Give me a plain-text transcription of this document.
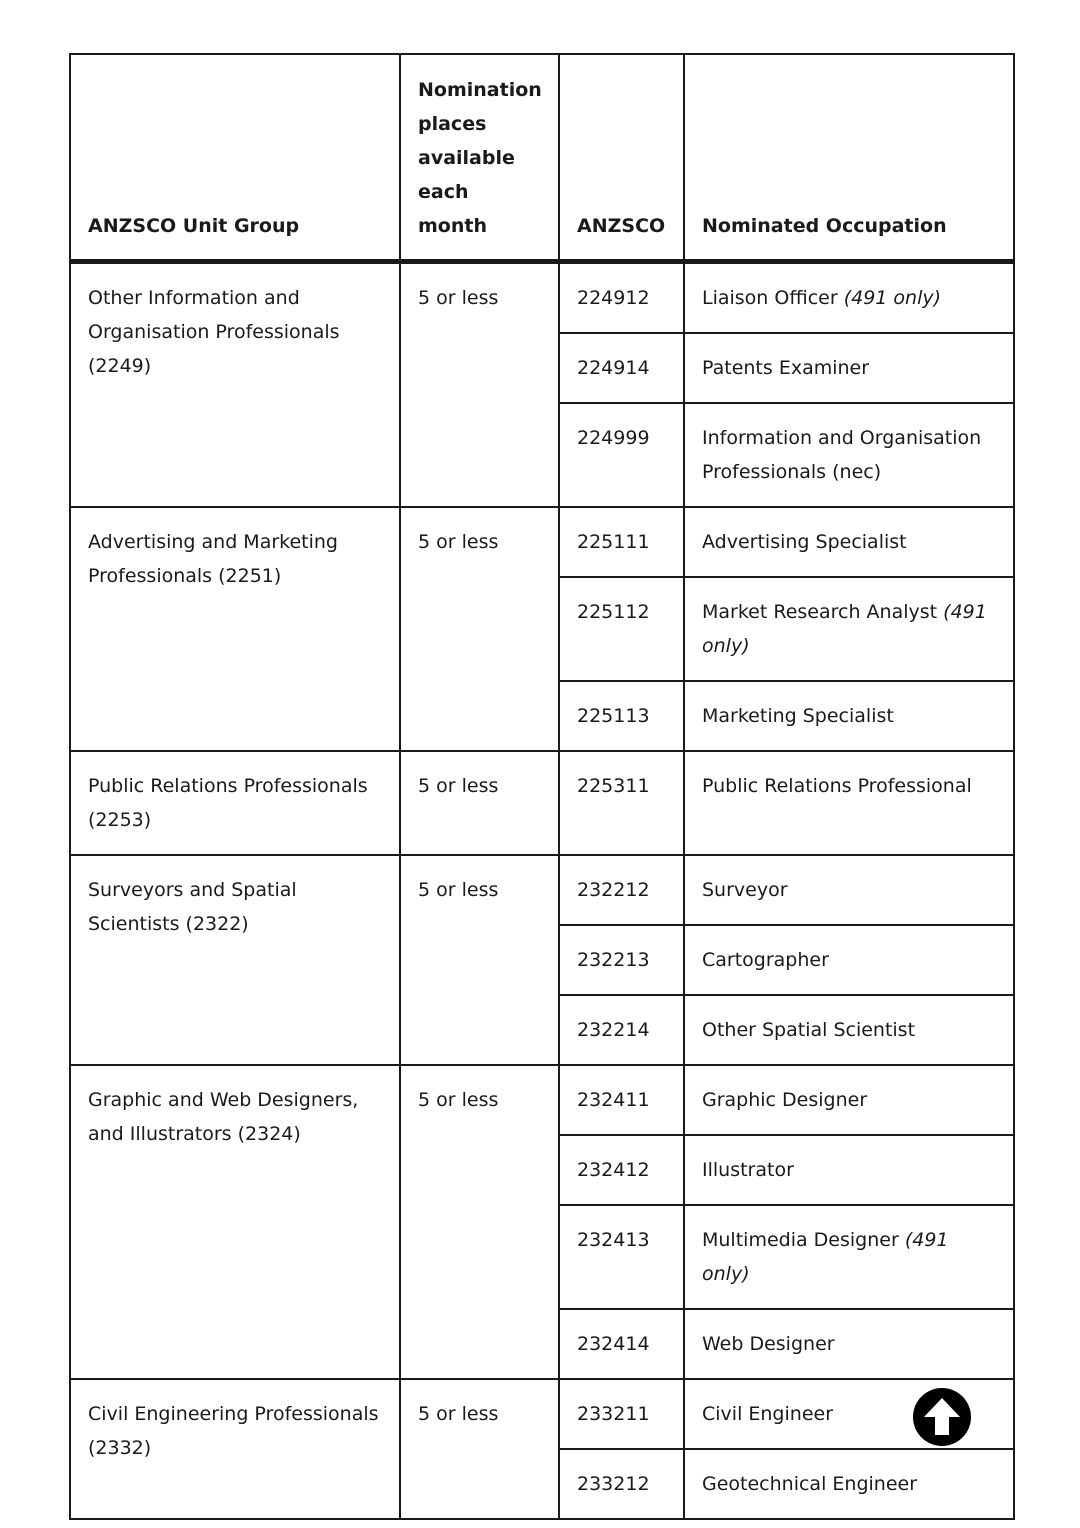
ANZSCO Unit Group	Nomination places available each month	ANZSCO	Nominated Occupation
Other Information and Organisation Professionals (2249)	5 or less	224912	Liaison Officer (491 only)
		224914	Patents Examiner
		224999	Information and Organisation Professionals (nec)
Advertising and Marketing Professionals (2251)	5 or less	225111	Advertising Specialist
		225112	Market Research Analyst (491 only)
		225113	Marketing Specialist
Public Relations Professionals (2253)	5 or less	225311	Public Relations Professional
Surveyors and Spatial Scientists (2322)	5 or less	232212	Surveyor
		232213	Cartographer
		232214	Other Spatial Scientist
Graphic and Web Designers, and Illustrators (2324)	5 or less	232411	Graphic Designer
		232412	Illustrator
		232413	Multimedia Designer (491 only)
		232414	Web Designer
Civil Engineering Professionals (2332)	5 or less	233211	Civil Engineer
		233212	Geotechnical Engineer
